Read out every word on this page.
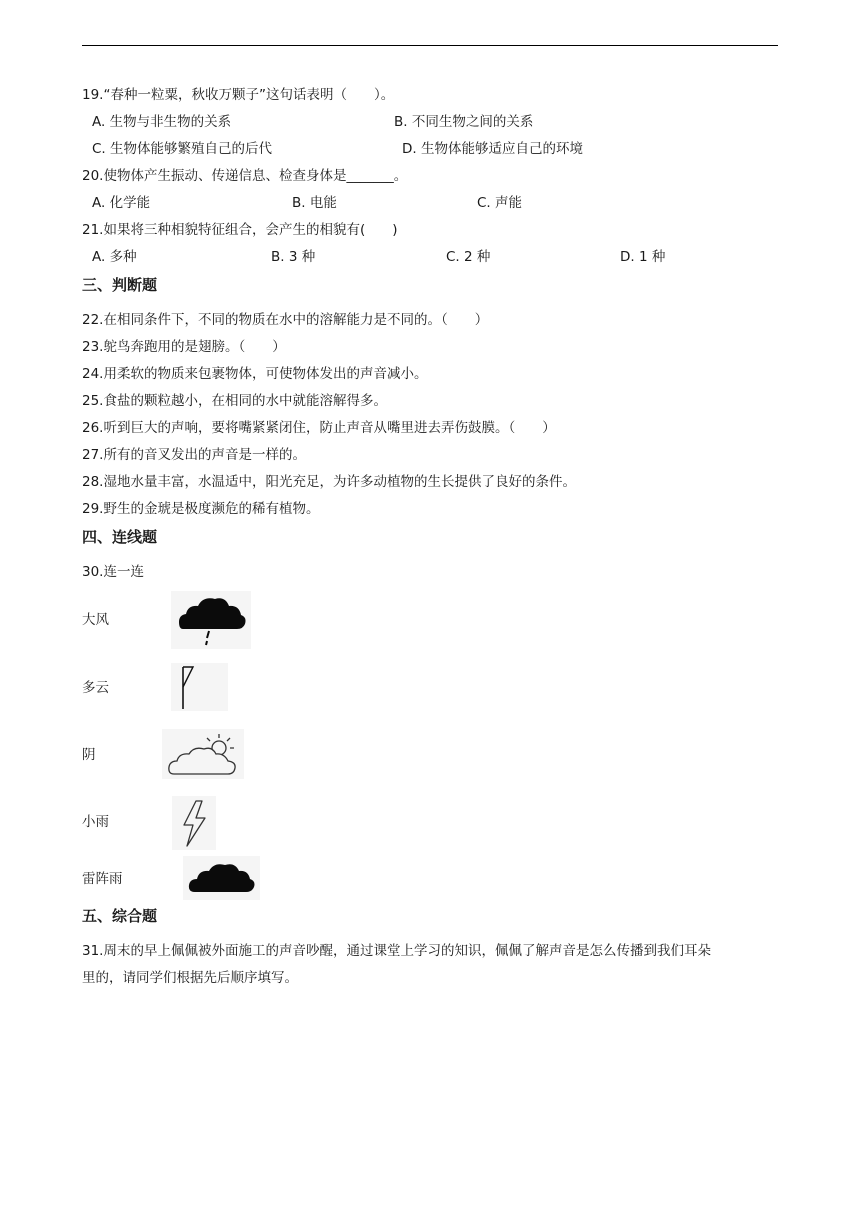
19.“春种一粒粟，秋收万颗子”这句话表明（　　）。
A. 生物与非生物的关系	B. 不同生物之间的关系
C. 生物体能够繁殖自己的后代	D. 生物体能够适应自己的环境
20.使物体产生振动、传递信息、检查身体是_______。
A. 化学能	B. 电能	C. 声能
21.如果将三种相貌特征组合，会产生的相貌有(　　)
A. 多种	B. 3 种	C. 2 种	D. 1 种
三、判断题
22.在相同条件下，不同的物质在水中的溶解能力是不同的。（　　）
23.鸵鸟奔跑用的是翅膀。（　　）
24.用柔软的物质来包裹物体，可使物体发出的声音减小。
25.食盐的颗粒越小，在相同的水中就能溶解得多。
26.听到巨大的声响，要将嘴紧紧闭住，防止声音从嘴里进去弄伤鼓膜。（　　）
27.所有的音叉发出的声音是一样的。
28.湿地水量丰富，水温适中，阳光充足，为许多动植物的生长提供了良好的条件。
29.野生的金琥是极度濒危的稀有植物。
四、连线题
30.连一连
大风
多云
阴
小雨
雷阵雨
五、综合题
31.周末的早上佩佩被外面施工的声音吵醒，通过课堂上学习的知识，佩佩了解声音是怎么传播到我们耳朵
里的，请同学们根据先后顺序填写。
